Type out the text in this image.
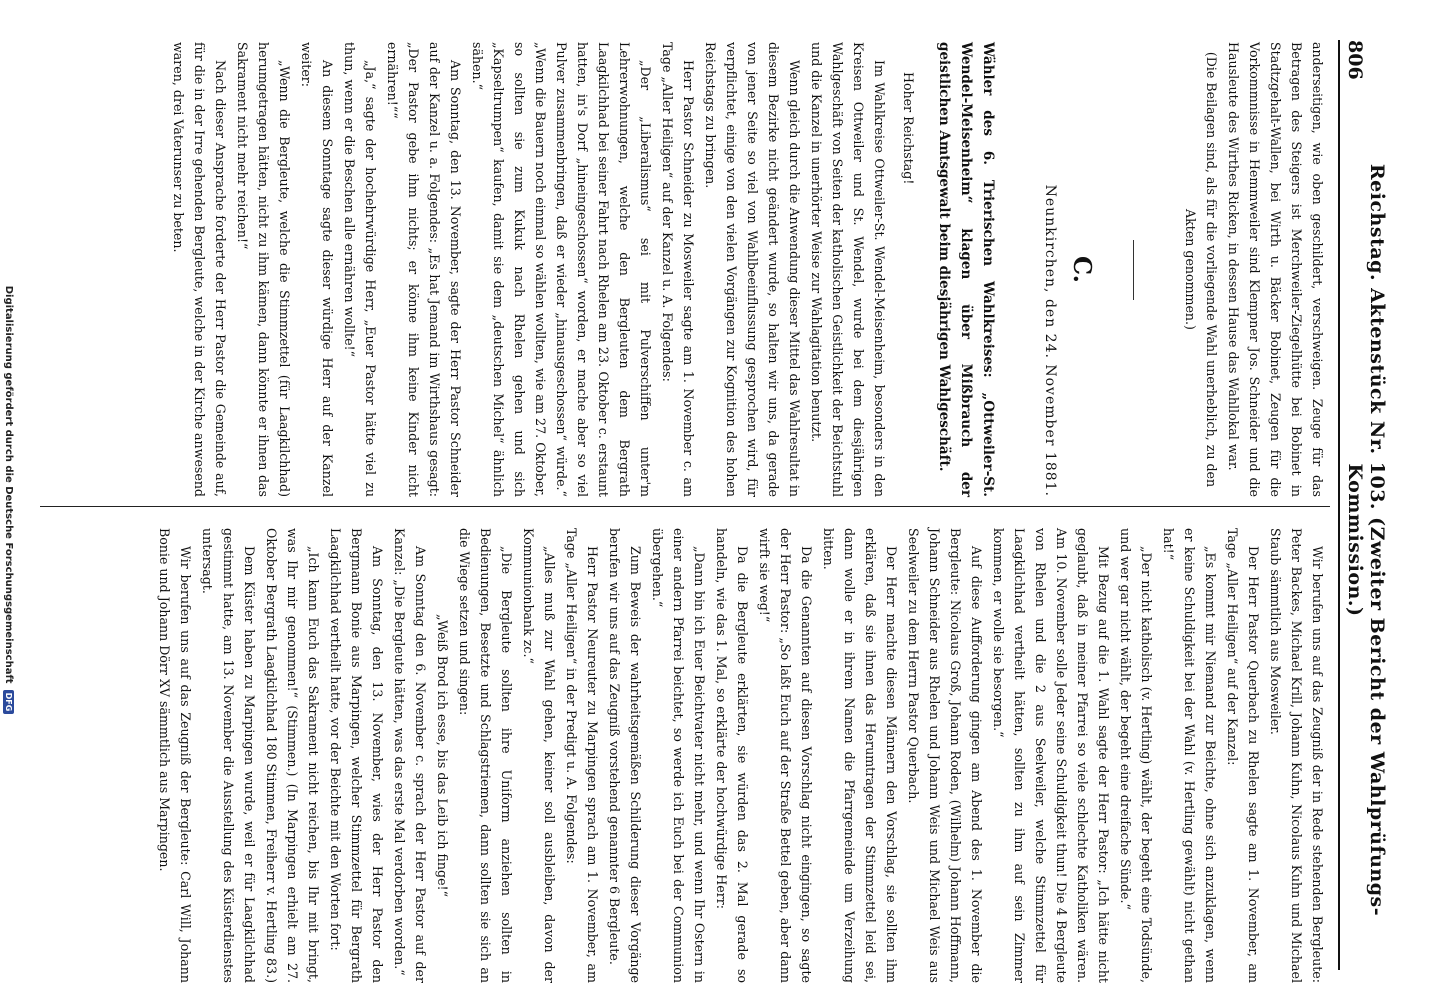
806
Reichstag. Aktenstück Nr. 103. (Zweiter Bericht der Wahlprüfungs-Kommission.)

anderseitigen, wie oben geschildert, verschweigen. Zeuge für das Betragen des Steigers ist Merchweiler-Ziegelhütte bei Bobinet in Stadtzgehalt-Wallen, bei Wirth u. Bäcker Bobinet, Zeugen für die Vorkommnisse in Hemmweiler sind Klempner Jos. Schneider und die Hausleute des Wirthes Ricken, in dessen Hause das Wahllokal war.

(Die Beilagen sind, als für die vorliegende Wahl unerheblich, zu den Akten genommen.)

C.

Neunkirchen, den 24. November 1881.

Wähler des 6. Trierischen Wahlkreises: „Ottweiler-St. Wendel-Meisenheim“ klagen über Mißbrauch der geistlichen Amtsgewalt beim diesjährigen Wahlgeschäft.

Hoher Reichstag!

Im Wahlkreise Ottweiler-St. Wendel-Meisenheim, besonders in den Kreisen Ottweiler und St. Wendel, wurde bei dem diesjährigen Wahlgeschäft von Seiten der katholischen Geistlichkeit der Beichtstuhl und die Kanzel in unerhörter Weise zur Wahlagitation benutzt.

Wenn gleich durch die Anwendung dieser Mittel das Wahlresultat in diesem Bezirke nicht geändert wurde, so halten wir uns, da gerade von jener Seite so viel von Wahlbeeinflussung gesprochen wird, für verpflichtet, einige von den vielen Vorgängen zur Kognition des hohen Reichstags zu bringen.

Herr Pastor Schneider zu Mosweiler sagte am 1. November c. am Tage „Aller Heiligen“ auf der Kanzel u. A. Folgendes:

„Der „Liberalismus“ sei mit Pulverschiffen unter'm Lehrerwohnungen, welche den Bergleuten dem Bergrath Laagkilchhad bei seiner Fahrt nach Rhelen am 23. Oktober c. erstaunt hatten, in's Dorf „hineingeschossen“ worden, er mache aber so viel Pulver zusammenbringen, daß er wieder „hinausgeschossen“ würde.“ „Wenn die Bauern noch einmal so wählen wollten, wie am 27. Oktober, so sollten sie zum Kukuk nach Rhelen gehen und sich „Kapseltrumpen“ kaufen, damit sie dem „deutschen Michel“ ähnlich sähen.“

Am Sonntag, den 13. November, sagte der Herr Pastor Schneider auf der Kanzel u. a. Folgendes: „Es hat Jemand im Wirthshaus gesagt: „Der Pastor gebe ihm nichts; er könne ihm keine Kinder nicht ernähren!““

„Ja,“ sagte der hochehrwürdige Herr, „Euer Pastor hätte viel zu thun, wenn er die Beschen alle ernähren wollte!“

An diesem Sonntage sagte dieser würdige Herr auf der Kanzel weiter:

„Wenn die Bergleute, welche die Stimmzettel (für Laagkilchhad) herumgetragen hätten, nicht zu ihm kämen, dann könnte er ihnen das Sakrament nicht mehr reichen!“

Nach dieser Ansprache forderte der Herr Pastor die Gemeinde auf, für die in der Irre gehenden Bergleute, welche in der Kirche anwesend waren, drei Vaterunser zu beten.

Wir berufen uns auf das Zeugniß der in Rede stehenden Bergleute: Peter Backes, Michael Krill, Johann Kuhn, Nicolaus Kuhn und Michael Staub sämmtlich aus Mosweiler.

Der Herr Pastor Querbach zu Rhelen sagte am 1. November, am Tage „Aller Heiligen“ auf der Kanzel:

„Es kommt mir Niemand zur Beichte, ohne sich anzuklagen, wenn er keine Schuldigkeit bei der Wahl (v. Hertling gewählt) nicht gethan hat!“

„Der nicht katholisch (v. Hertling) wählt, der begeht eine Todsünde, und wer gar nicht wählt, der begeht eine dreifache Sünde.“

Mit Bezug auf die 1. Wahl sagte der Herr Pastor: „Ich hätte nicht geglaubt, daß in meiner Pfarrei so viele schlechte Katholiken wären. Am 10. November solle Jeder seine Schuldigkeit thun! Die 4 Bergleute von Rhelen und die 2 aus Seelweiler, welche Stimmzettel für Laagkilchhad vertheilt hätten, sollten zu ihm auf sein Zimmer kommen, er wolle sie besorgen.“

Auf diese Aufforderung gingen am Abend des 1. November die Bergleute: Nicolaus Groß, Johann Roden, (Wilhelm) Johann Hoffmann, Johann Schneider aus Rhelen und Johann Weis und Michael Weis aus Seelweiler zu dem Herrn Pastor Querbach.

Der Herr machte diesen Männern den Vorschlag, sie sollten ihm erklären, daß sie ihnen das Herumtragen der Stimmzettel leid sei, dann wolle er in ihrem Namen die Pfarrgemeinde um Verzeihung bitten.

Da die Genannten auf diesen Vorschlag nicht eingingen, so sagte der Herr Pastor: „So laßt Euch auf der Straße Bettel geben, aber dann wirft sie weg!“

Da die Bergleute erklärten, sie würden das 2. Mal gerade so handeln, wie das 1. Mal, so erklärte der hochwürdige Herr:

„Dann bin ich Euer Beichtvater nicht mehr, und wenn Ihr Ostern in einer andern Pfarrei beichtet, so werde ich Euch bei der Communion übergehen.“

Zum Beweis der wahrheitsgemäßen Schilderung dieser Vorgänge berufen wir uns auf das Zeugniß vorstehend genannter 6 Bergleute.

Herr Pastor Neureuter zu Marpingen sprach am 1. November, am Tage „Aller Heiligen“ in der Predigt u. A. Folgendes:

„Alles muß zur Wahl gehen, keiner soll ausbleiben, davon der Kommunionbank zc.“

„Die Bergleute sollten ihre Uniform anziehen sollten in Bedienungen, Besetzte und Schlagstriemen, dann sollten sie sich an die Wiege setzen und singen:

„Weiß Brod ich esse, bis das Leib ich finge!“

Am Sonntag den 6. November c. sprach der Herr Pastor auf der Kanzel: „Die Bergleute hätten, was das erste Mal verdorben worden.“

Am Sonntag, den 13. November, wies der Herr Pastor den Bergmann Bonie aus Marpingen, welcher Stimmzettel für Bergrath Laagkilchhad vertheilt hatte, vor der Beichte mit den Worten fort:

„Ich kann Euch das Sakrament nicht reichen, bis Ihr mit bringt, was Ihr mir genommen!“ (Stimmen.) (In Marpingen erhielt am 27. Oktober Bergrath Laagkilchhad 180 Stimmen, Freiherr v. Hertling 83.)

Dem Küster haben zu Marpingen wurde, weil er für Laagkilchhad gestimmt hatte, am 13. November die Ausstellung des Küsterdienstes untersagt.

Wir berufen uns auf das Zeugniß der Bergleute: Carl Will, Johann Bonie und Johann Dörr XV sämmtlich aus Marpingen.

Digitalisierung gefördert durch die Deutsche Forschungsgemeinschaft
DFG
